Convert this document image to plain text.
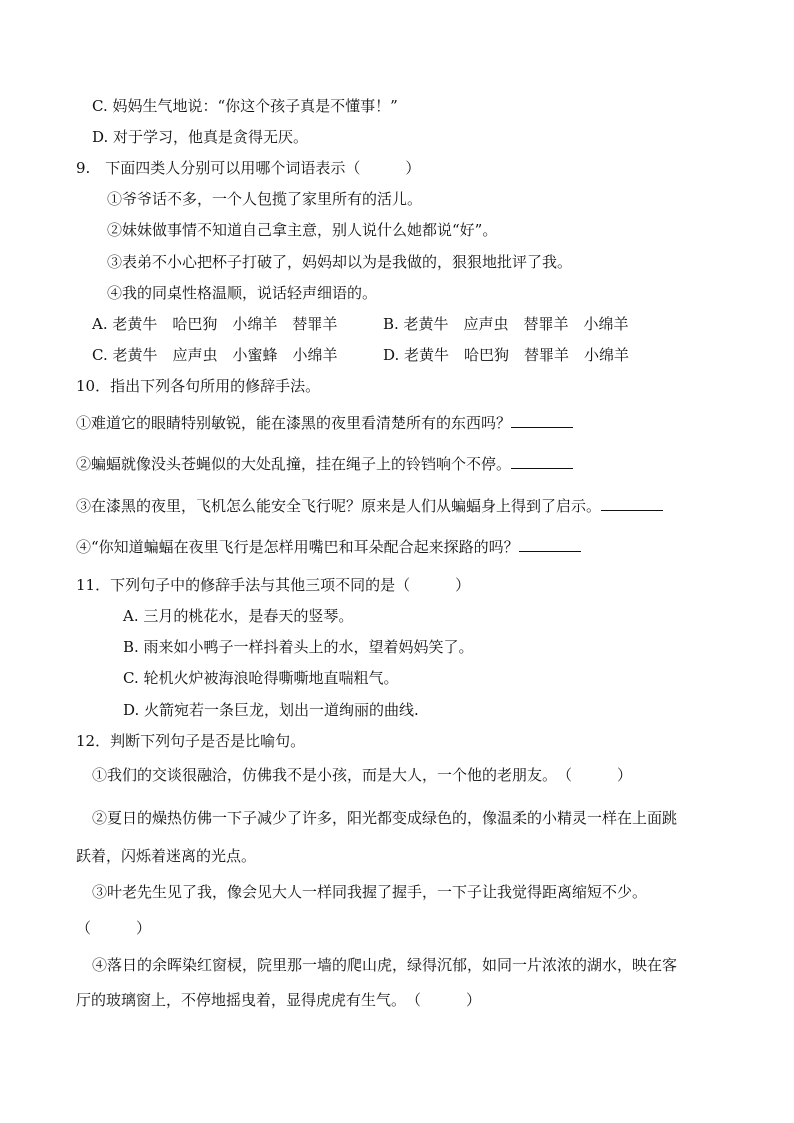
C. 妈妈生气地说：“你这个孩子真是不懂事！”
D. 对于学习，他真是贪得无厌。
9.　下面四类人分别可以用哪个词语表示（　　　）
①爷爷话不多，一个人包揽了家里所有的活儿。
②妹妹做事情不知道自己拿主意，别人说什么她都说“好”。
③表弟不小心把杯子打破了，妈妈却以为是我做的，狠狠地批评了我。
④我的同桌性格温顺，说话轻声细语的。
A. 老黄牛　哈巴狗　小绵羊　替罪羊	B. 老黄牛　应声虫　替罪羊　小绵羊
C. 老黄牛　应声虫　小蜜蜂　小绵羊	D. 老黄牛　哈巴狗　替罪羊　小绵羊
10．指出下列各句所用的修辞手法。
①难道它的眼睛特别敏锐，能在漆黑的夜里看清楚所有的东西吗？
②蝙蝠就像没头苍蝇似的大处乱撞，挂在绳子上的铃铛响个不停。
③在漆黑的夜里，飞机怎么能安全飞行呢？原来是人们从蝙蝠身上得到了启示。
④“你知道蝙蝠在夜里飞行是怎样用嘴巴和耳朵配合起来探路的吗？
11．下列句子中的修辞手法与其他三项不同的是（　　　）
A. 三月的桃花水，是春天的竖琴。
B. 雨来如小鸭子一样抖着头上的水，望着妈妈笑了。
C. 轮机火炉被海浪呛得嘶嘶地直喘粗气。
D. 火箭宛若一条巨龙，划出一道绚丽的曲线.
12．判断下列句子是否是比喻句。
①我们的交谈很融洽，仿佛我不是小孩，而是大人，一个他的老朋友。　（　　　）
②夏日的燥热仿佛一下子减少了许多，阳光都变成绿色的，像温柔的小精灵一样在上面跳
跃着，闪烁着迷离的光点。
③叶老先生见了我，像会见大人一样同我握了握手，一下子让我觉得距离缩短不少。
（　　　）
④落日的余晖染红窗棂，院里那一墙的爬山虎，绿得沉郁，如同一片浓浓的湖水，映在客
厅的玻璃窗上，不停地摇曳着，显得虎虎有生气。　（　　　）
